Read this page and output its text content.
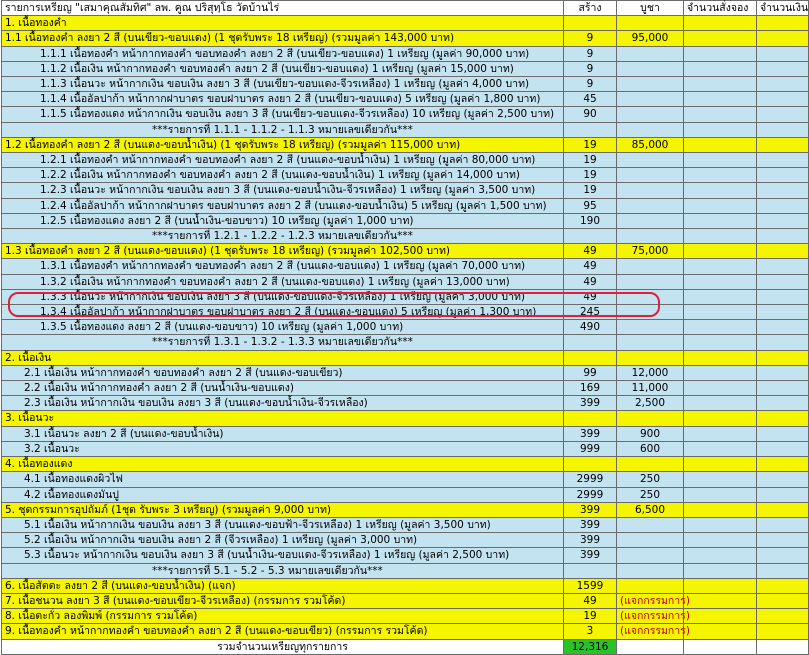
รายการเหรียญ "เสมาคุณสัมทิศ" ลพ. คูณ ปริสุทฺโธ วัดบ้านไร่	สร้าง	บูชา	จำนวนสั่งจอง	จำนวนเงิน
1. เนื้อทองคำ				
1.1 เนื้อทองคำ ลงยา 2 สี (บนเขียว-ขอบแดง) (1 ชุดรับพระ 18 เหรียญ) (รวมมูลค่า 143,000 บาท)	9	95,000		
1.1.1 เนื้อทองคำ หน้ากากทองคำ ขอบทองคำ ลงยา 2 สี (บนเขียว-ขอบแดง) 1 เหรียญ (มูลค่า 90,000 บาท)	9			
1.1.2 เนื้อเงิน หน้ากากทองคำ ขอบทองคำ ลงยา 2 สี (บนเขียว-ขอบแดง) 1 เหรียญ (มูลค่า 15,000 บาท)	9			
1.1.3 เนื้อนวะ หน้ากากเงิน ขอบเงิน ลงยา 3 สี (บนเขียว-ขอบแดง-จีวรเหลือง) 1 เหรียญ (มูลค่า 4,000 บาท)	9			
1.1.4 เนื้ออัลปาก้า หน้ากากฝาบาตร ขอบฝาบาตร ลงยา 2 สี (บนเขียว-ขอบแดง) 5 เหรียญ (มูลค่า 1,800 บาท)	45			
1.1.5 เนื้อทองแดง หน้ากากเงิน ขอบเงิน ลงยา 3 สี (บนเขียว-ขอบแดง-จีวรเหลือง) 10 เหรียญ (มูลค่า 2,500 บาท)	90			
***รายการที่ 1.1.1 - 1.1.2 - 1.1.3 หมายเลขเดียวกัน***				
1.2 เนื้อทองคำ ลงยา 2 สี (บนแดง-ขอบน้ำเงิน) (1 ชุดรับพระ 18 เหรียญ) (รวมมูลค่า 115,000 บาท)	19	85,000		
1.2.1 เนื้อทองคำ หน้ากากทองคำ ขอบทองคำ ลงยา 2 สี (บนแดง-ขอบน้ำเงิน) 1 เหรียญ (มูลค่า 80,000 บาท)	19			
1.2.2 เนื้อเงิน หน้ากากทองคำ ขอบทองคำ ลงยา 2 สี (บนแดง-ขอบน้ำเงิน) 1 เหรียญ (มูลค่า 14,000 บาท)	19			
1.2.3 เนื้อนวะ หน้ากากเงิน ขอบเงิน ลงยา 3 สี (บนแดง-ขอบน้ำเงิน-จีวรเหลือง) 1 เหรียญ (มูลค่า 3,500 บาท)	19			
1.2.4 เนื้ออัลปาก้า หน้ากากฝาบาตร ขอบฝาบาตร ลงยา 2 สี (บนแดง-ขอบน้ำเงิน) 5 เหรียญ (มูลค่า 1,500 บาท)	95			
1.2.5 เนื้อทองแดง ลงยา 2 สี (บนน้ำเงิน-ขอบขาว) 10 เหรียญ (มูลค่า 1,000 บาท)	190			
***รายการที่ 1.2.1 - 1.2.2 - 1.2.3 หมายเลขเดียวกัน***				
1.3 เนื้อทองคำ ลงยา 2 สี (บนแดง-ขอบแดง) (1 ชุดรับพระ 18 เหรียญ) (รวมมูลค่า 102,500 บาท)	49	75,000		
1.3.1 เนื้อทองคำ หน้ากากทองคำ ขอบทองคำ ลงยา 2 สี (บนแดง-ขอบแดง) 1 เหรียญ (มูลค่า 70,000 บาท)	49			
1.3.2 เนื้อเงิน หน้ากากทองคำ ขอบทองคำ ลงยา 2 สี (บนแดง-ขอบแดง) 1 เหรียญ (มูลค่า 13,000 บาท)	49			
1.3.3 เนื้อนวะ หน้ากากเงิน ขอบเงิน ลงยา 3 สี (บนแดง-ขอบแดง-จีวรเหลือง) 1 เหรียญ (มูลค่า 3,000 บาท)	49			
1.3.4 เนื้ออัลปาก้า หน้ากากฝาบาตร ขอบฝาบาตร ลงยา 2 สี (บนแดง-ขอบแดง) 5 เหรียญ (มูลค่า 1,300 บาท)	245			
1.3.5 เนื้อทองแดง ลงยา 2 สี (บนแดง-ขอบขาว) 10 เหรียญ (มูลค่า 1,000 บาท)	490			
***รายการที่ 1.3.1 - 1.3.2 - 1.3.3 หมายเลขเดียวกัน***				
2. เนื้อเงิน				
2.1 เนื้อเงิน หน้ากากทองคำ ขอบทองคำ ลงยา 2 สี (บนแดง-ขอบเขียว)	99	12,000		
2.2 เนื้อเงิน หน้ากากทองคำ ลงยา 2 สี (บนน้ำเงิน-ขอบแดง)	169	11,000		
2.3 เนื้อเงิน หน้ากากเงิน ขอบเงิน ลงยา 3 สี (บนแดง-ขอบน้ำเงิน-จีวรเหลือง)	399	2,500		
3. เนื้อนวะ				
3.1 เนื้อนวะ ลงยา 2 สี (บนแดง-ขอบน้ำเงิน)	399	900		
3.2 เนื้อนวะ	999	600		
4. เนื้อทองแดง				
4.1 เนื้อทองแดงผิวไฟ	2999	250		
4.2 เนื้อทองแดงมันปู	2999	250		
5. ชุดกรรมการอุปถัมภ์ (1ชุด รับพระ 3 เหรียญ) (รวมมูลค่า 9,000 บาท)	399	6,500		
5.1 เนื้อเงิน หน้ากากเงิน ขอบเงิน ลงยา 3 สี (บนแดง-ขอบฟ้า-จีวรเหลือง) 1 เหรียญ (มูลค่า 3,500 บาท)	399			
5.2 เนื้อเงิน หน้ากากเงิน ขอบเงิน ลงยา 2 สี (จีวรเหลือง) 1 เหรียญ (มูลค่า 3,000 บาท)	399			
5.3 เนื้อนวะ หน้ากากเงิน ขอบเงิน ลงยา 3 สี (บนน้ำเงิน-ขอบแดง-จีวรเหลือง) 1 เหรียญ (มูลค่า 2,500 บาท)	399			
***รายการที่ 5.1 - 5.2 - 5.3 หมายเลขเดียวกัน***				
6. เนื้อสัตตะ ลงยา 2 สี (บนแดง-ขอบน้ำเงิน) (แจก)	1599			
7. เนื้อชนวน ลงยา 3 สี (บนแดง-ขอบเขียว-จีวรเหลือง) (กรรมการ รวมโค้ด)	49	(แจกกรรมการ)		
8. เนื้อตะกั่ว ลองพิมพ์ (กรรมการ รวมโค้ด)	19	(แจกกรรมการ)		
9. เนื้อทองคำ หน้ากากทองคำ ขอบทองคำ ลงยา 2 สี (บนแดง-ขอบเขียว) (กรรมการ รวมโค้ด)	3	(แจกกรรมการ)		
รวมจำนวนเหรียญทุกรายการ	12,316			
